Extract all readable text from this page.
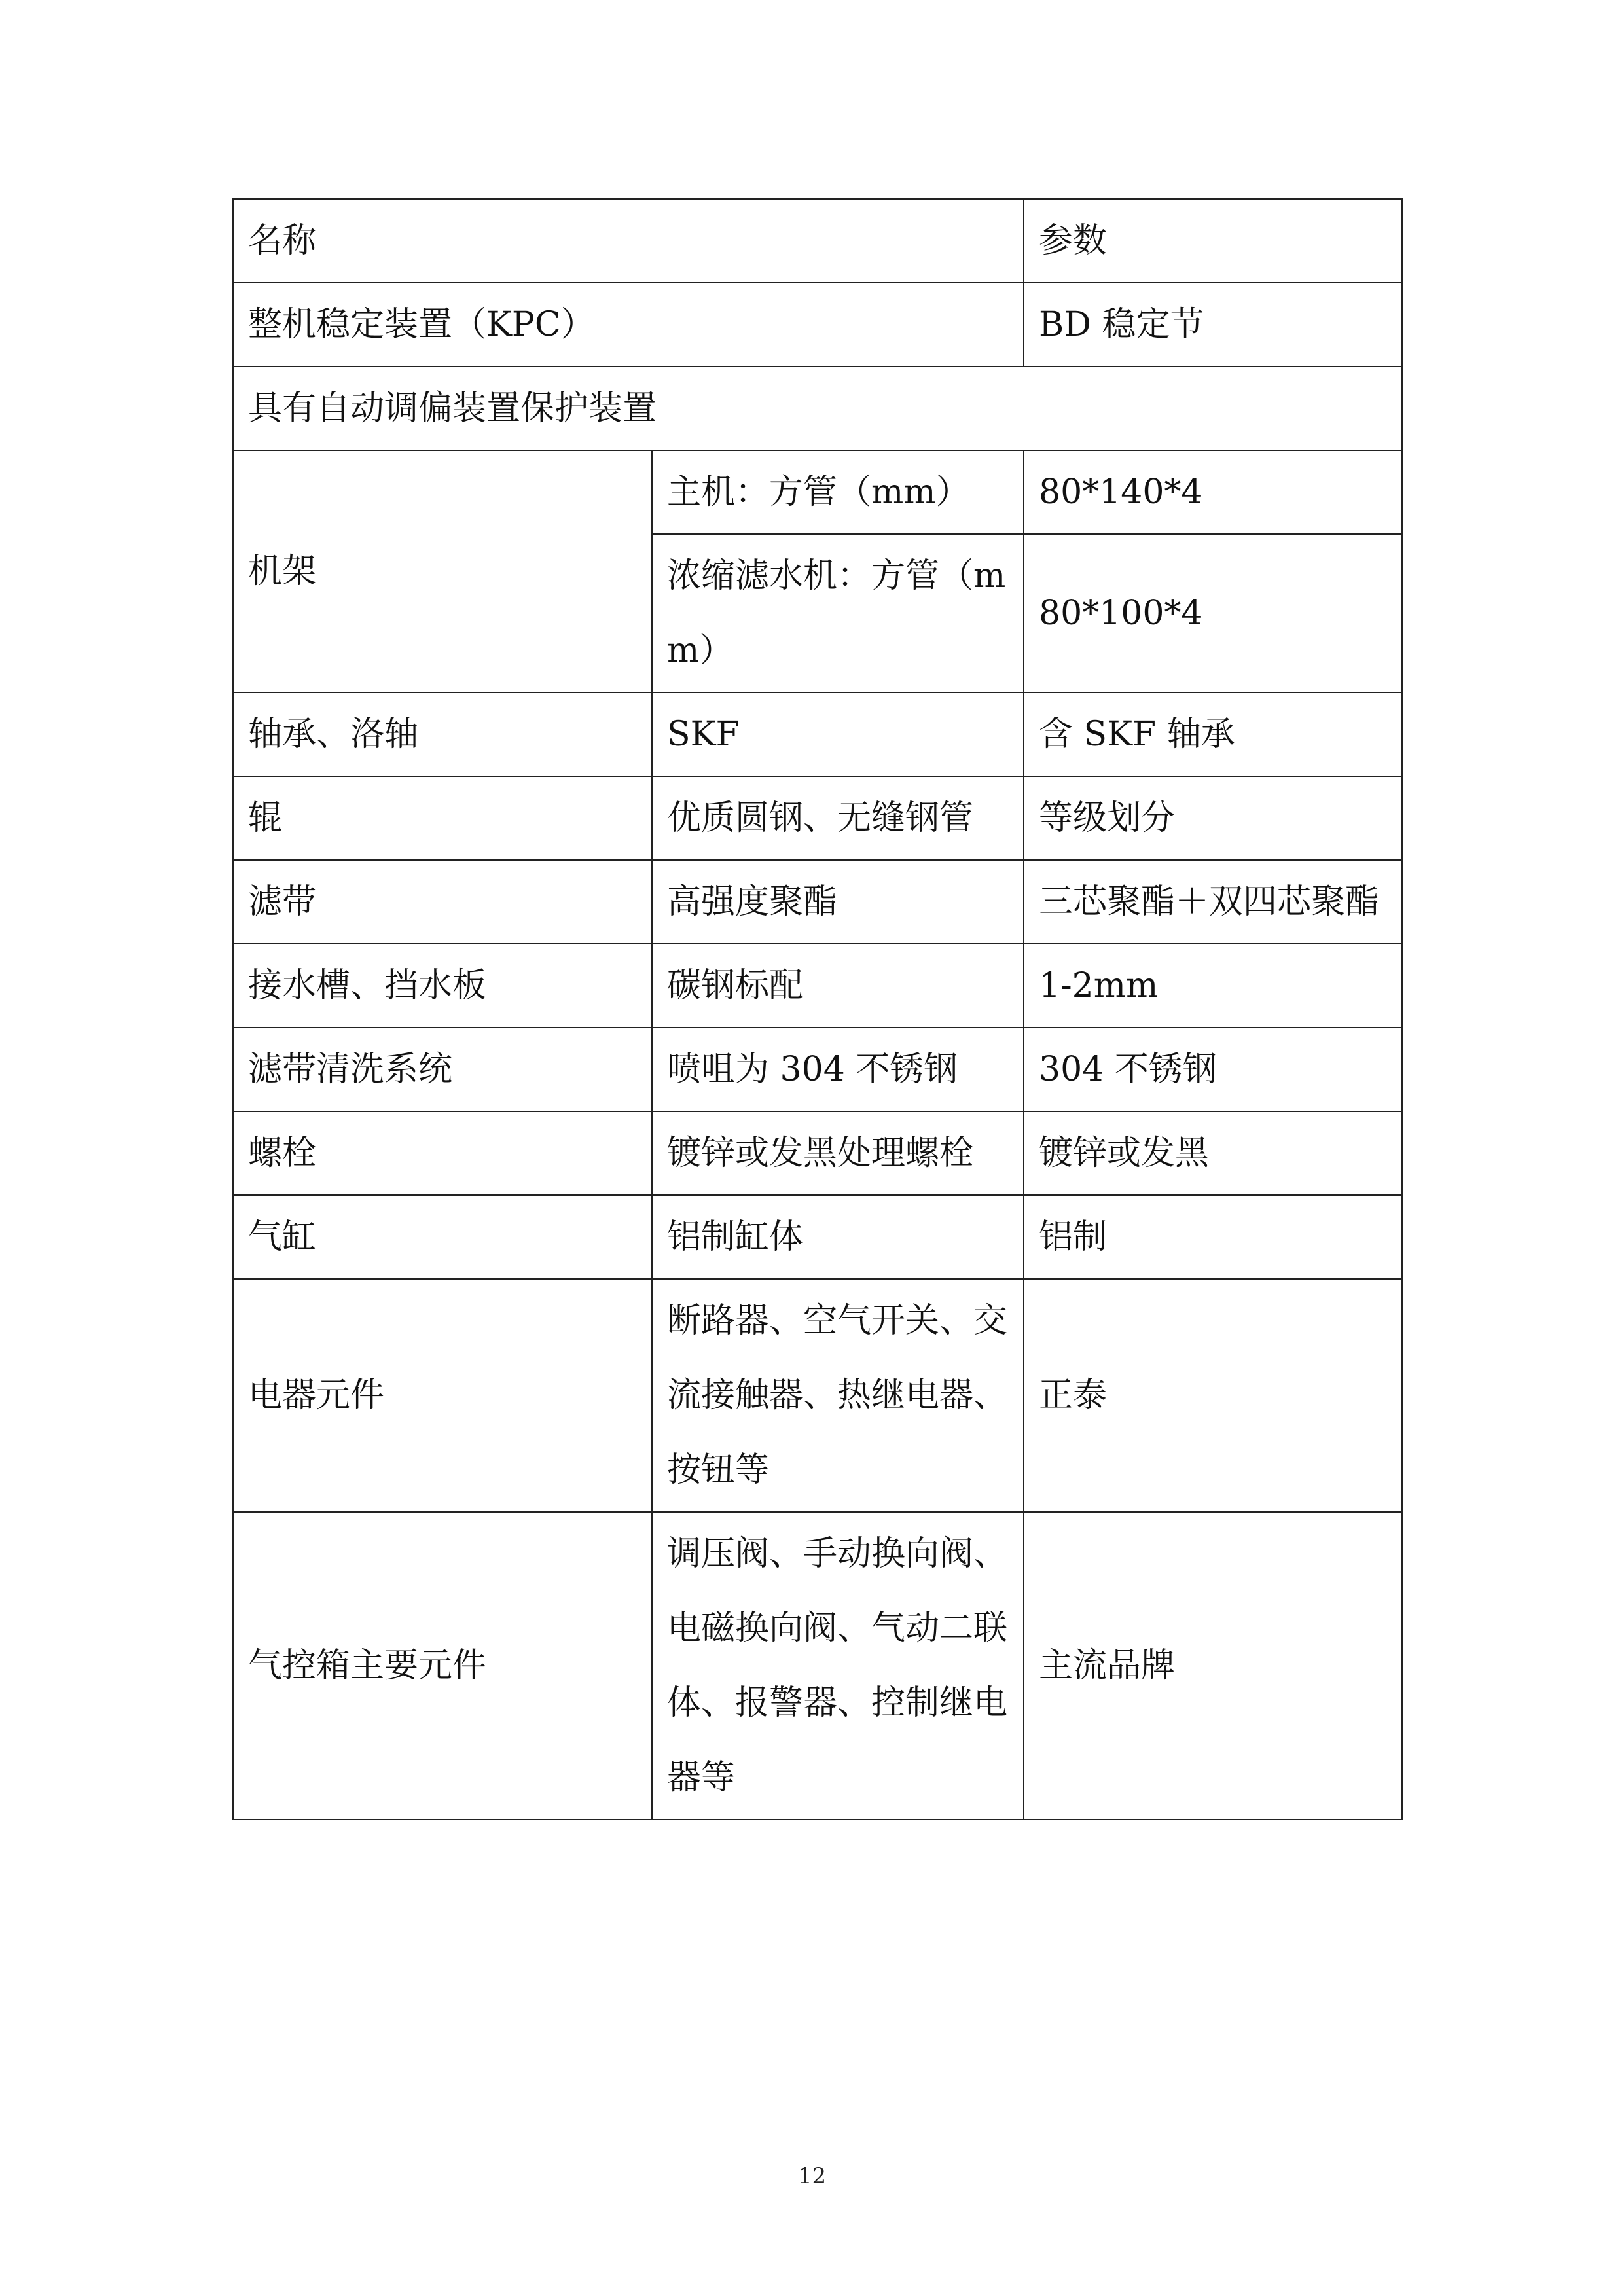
名称		参数
整机稳定装置（KPC）		BD 稳定节
具有自动调偏装置保护装置		
机架	主机：方管（mm）	80*140*4
	浓缩滤水机：方管（mm）	80*100*4
轴承、洛轴	SKF	含 SKF 轴承
辊	优质圆钢、无缝钢管	等级划分
滤带	高强度聚酯	三芯聚酯＋双四芯聚酯
接水槽、挡水板	碳钢标配	1-2mm
滤带清洗系统	喷咀为 304 不锈钢	304 不锈钢
螺栓	镀锌或发黑处理螺栓	镀锌或发黑
气缸	铝制缸体	铝制
电器元件	断路器、空气开关、交流接触器、热继电器、按钮等	正泰
气控箱主要元件	调压阀、手动换向阀、电磁换向阀、气动二联体、报警器、控制继电器等	主流品牌
12
